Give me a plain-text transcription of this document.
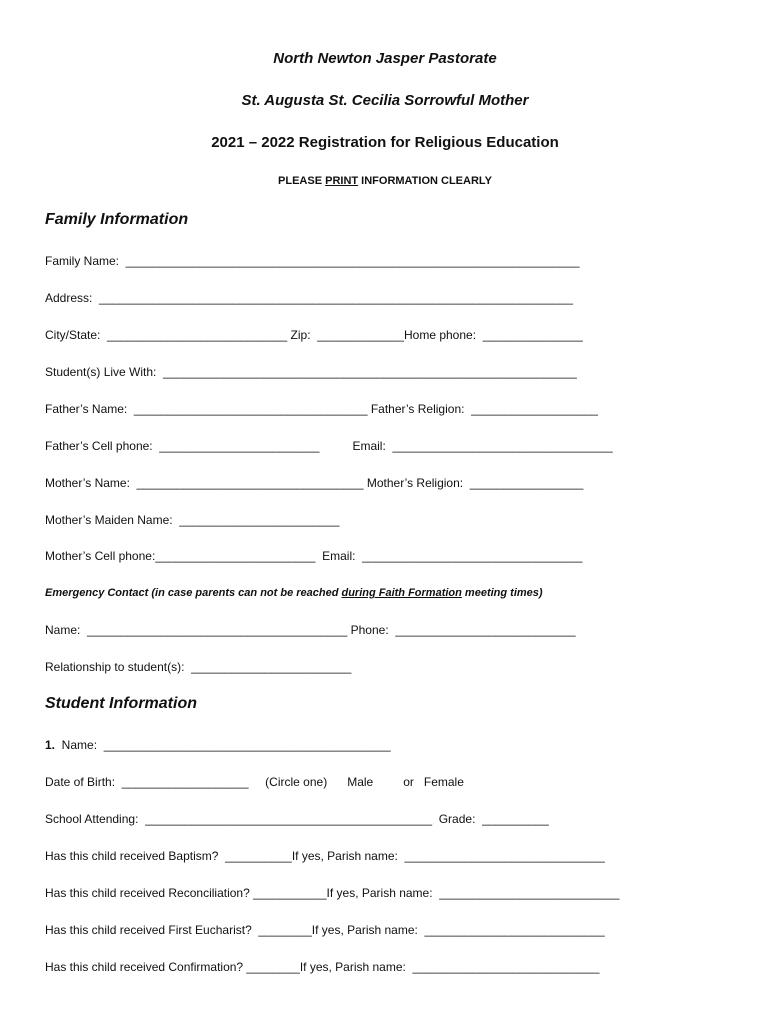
North Newton Jasper Pastorate
St. Augusta St. Cecilia Sorrowful Mother
2021 – 2022 Registration for Religious Education
PLEASE PRINT INFORMATION CLEARLY
Family Information
Family Name:  ____________________________________________________________________
Address:  _______________________________________________________________________
City/State:  ___________________________ Zip:  _____________Home phone:  _______________
Student(s) Live With:  ______________________________________________________________
Father’s Name:  ___________________________________ Father’s Religion:  ___________________
Father’s Cell phone:  ________________________	Email:  _________________________________
Mother’s Name:  __________________________________ Mother’s Religion:  _________________
Mother’s Maiden Name:  ________________________
Mother’s Cell phone:________________________  Email:  _________________________________
Emergency Contact (in case parents can not be reached during Faith Formation meeting times)
Name:  _______________________________________ Phone:  ___________________________
Relationship to student(s):  ________________________
Student Information
1.  Name:  ___________________________________________
Date of Birth:  ___________________     (Circle one)      Male         or   Female
School Attending:  ___________________________________________  Grade:  __________
Has this child received Baptism?  __________If yes, Parish name:  ______________________________
Has this child received Reconciliation? ___________If yes, Parish name:  ___________________________
Has this child received First Eucharist?  ________If yes, Parish name:  ___________________________
Has this child received Confirmation? ________If yes, Parish name:  ____________________________
